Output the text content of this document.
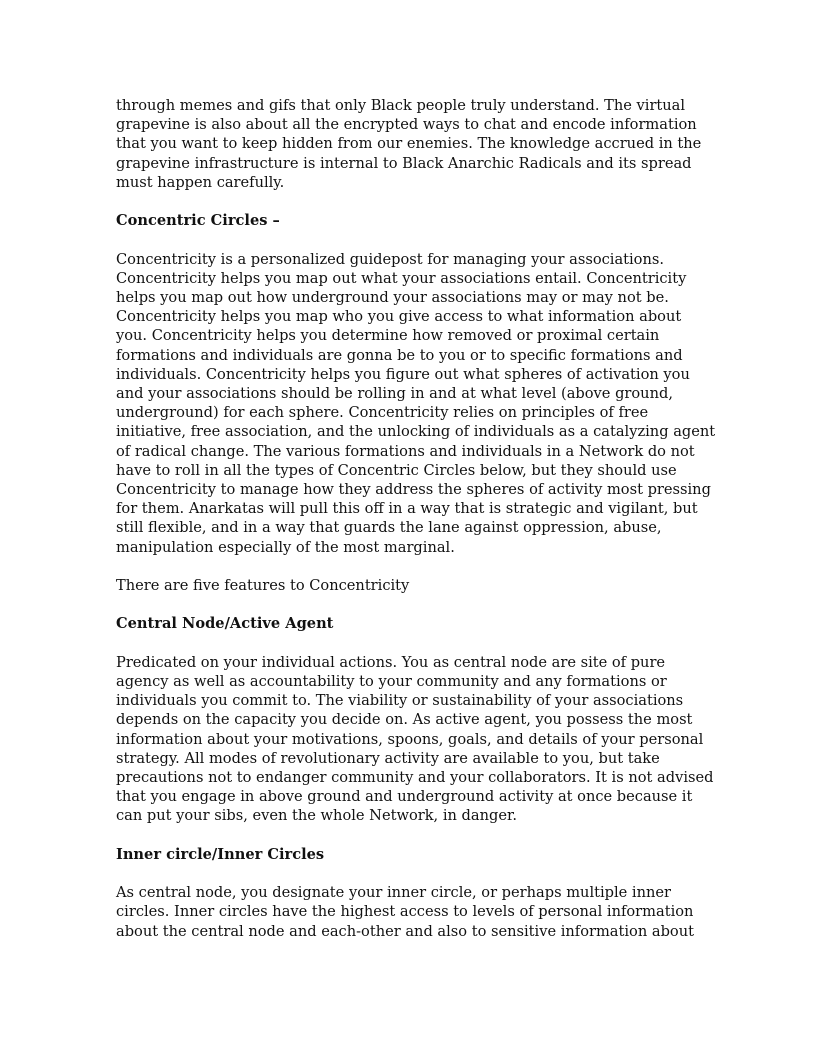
through memes and gifs that only Black people truly understand. The virtual grapevine is also about all the encrypted ways to chat and encode information that you want to keep hidden from our enemies. The knowledge accrued in the grapevine infrastructure is internal to Black Anarchic Radicals and its spread must happen carefully.

Concentric Circles –

Concentricity is a personalized guidepost for managing your associations. Concentricity helps you map out what your associations entail. Concentricity helps you map out how underground your associations may or may not be. Concentricity helps you map who you give access to what information about you. Concentricity helps you determine how removed or proximal certain formations and individuals are gonna be to you or to specific formations and individuals. Concentricity helps you figure out what spheres of activation you and your associations should be rolling in and at what level (above ground, underground) for each sphere. Concentricity relies on principles of free initiative, free association, and the unlocking of individuals as a catalyzing agent of radical change. The various formations and individuals in a Network do not have to roll in all the types of Concentric Circles below, but they should use Concentricity to manage how they address the spheres of activity most pressing for them. Anarkatas will pull this off in a way that is strategic and vigilant, but still flexible, and in a way that guards the lane against oppression, abuse, manipulation especially of the most marginal.

There are five features to Concentricity

Central Node/Active Agent

Predicated on your individual actions. You as central node are site of pure agency as well as accountability to your community and any formations or individuals you commit to. The viability or sustainability of your associations depends on the capacity you decide on. As active agent, you possess the most information about your motivations, spoons, goals, and details of your personal strategy. All modes of revolutionary activity are available to you, but take precautions not to endanger community and your collaborators. It is not advised that you engage in above ground and underground activity at once because it can put your sibs, even the whole Network, in danger.

Inner circle/Inner Circles

As central node, you designate your inner circle, or perhaps multiple inner circles. Inner circles have the highest access to levels of personal information about the central node and each-other and also to sensitive information about
